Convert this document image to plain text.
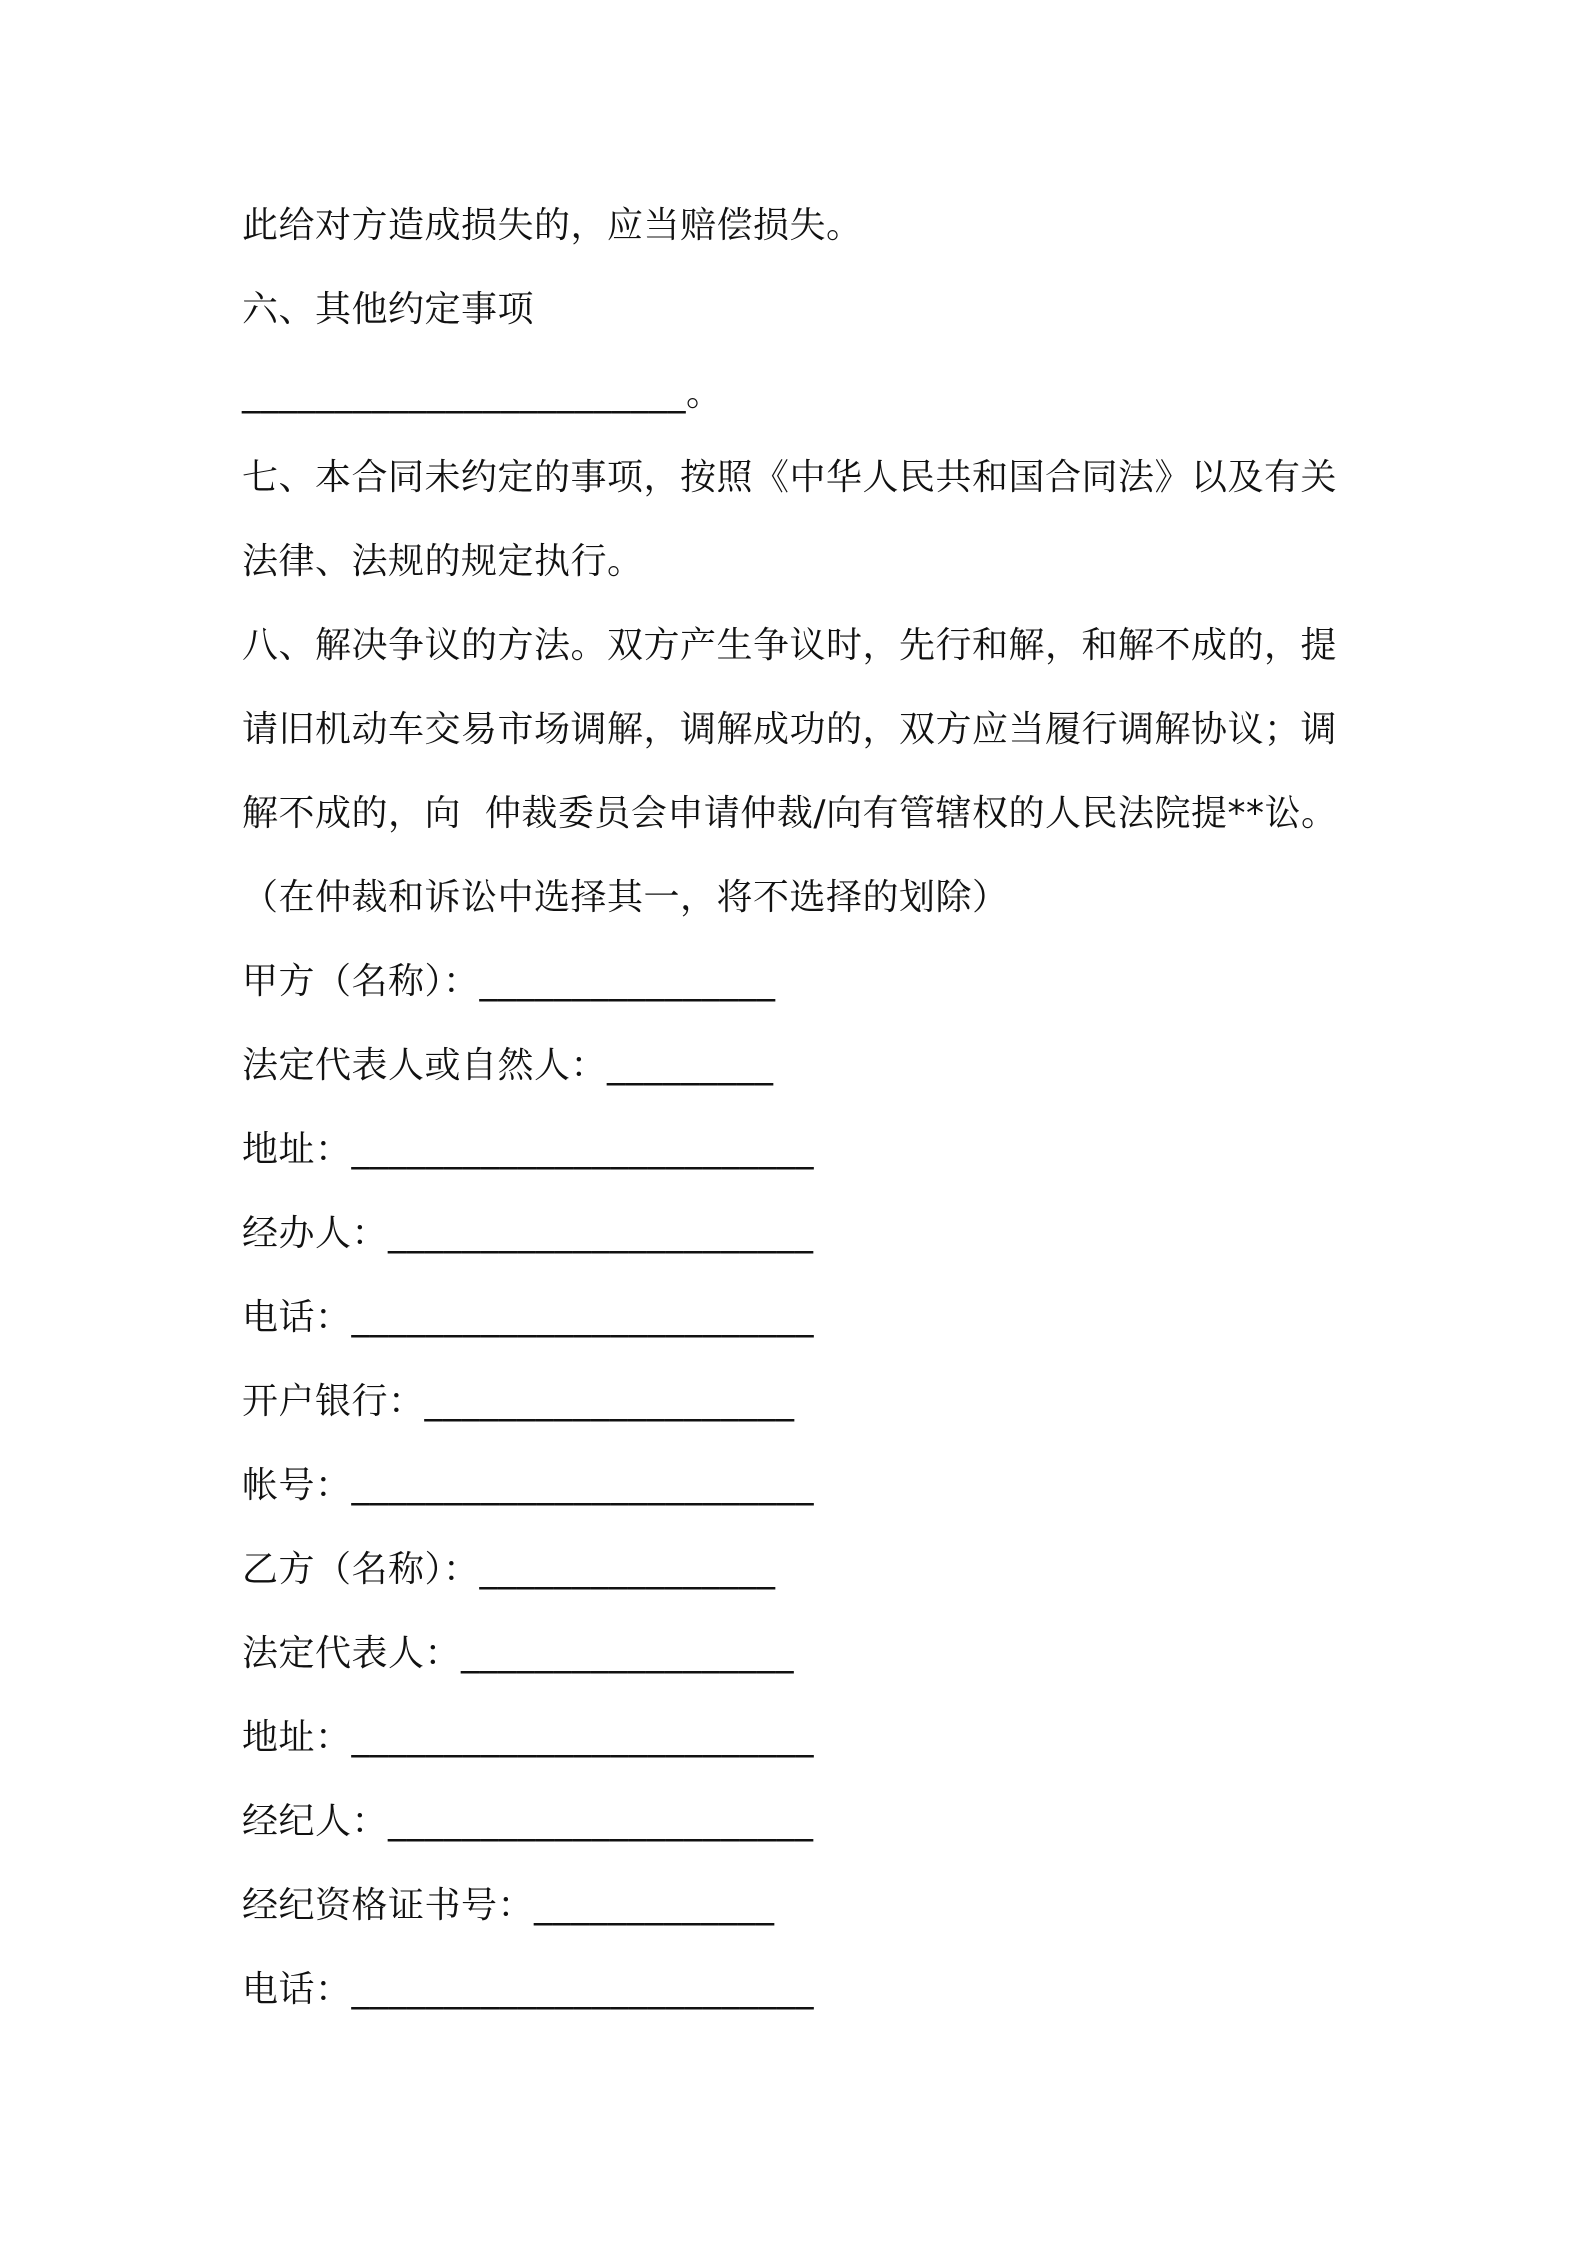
此给对方造成损失的，应当赔偿损失。
六、其他约定事项
________________________。
七、本合同未约定的事项，按照《中华人民共和国合同法》以及有关
法律、法规的规定执行。
八、解决争议的方法。双方产生争议时，先行和解，和解不成的，提
请旧机动车交易市场调解，调解成功的，双方应当履行调解协议；调
解不成的，向  仲裁委员会申请仲裁/向有管辖权的人民法院提**讼。
（在仲裁和诉讼中选择其一，将不选择的划除）
甲方（名称）：________________
法定代表人或自然人：_________
地址：_________________________
经办人：_______________________
电话：_________________________
开户银行：____________________
帐号：_________________________
乙方（名称）：________________
法定代表人：__________________
地址：_________________________
经纪人：_______________________
经纪资格证书号：_____________
电话：_________________________
